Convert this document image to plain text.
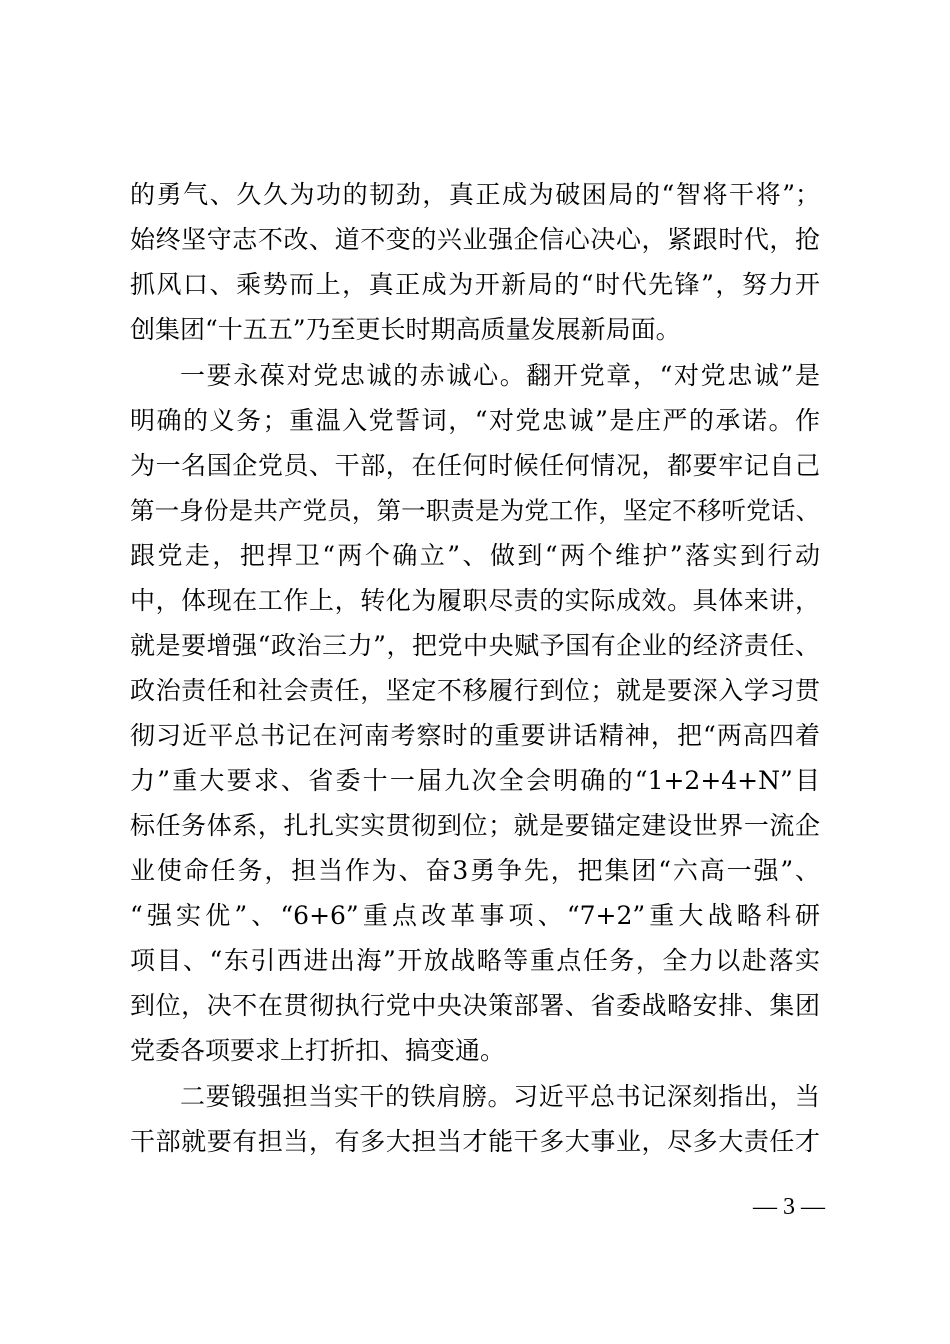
的勇气、久久为功的韧劲，真正成为破困局的“智将干将”；
始终坚守志不改、道不变的兴业强企信心决心，紧跟时代，抢
抓风口、乘势而上，真正成为开新局的“时代先锋”，努力开
创集团“十五五”乃至更长时期高质量发展新局面。
一要永葆对党忠诚的赤诚心。翻开党章，“对党忠诚”是
明确的义务；重温入党誓词，“对党忠诚”是庄严的承诺。作
为一名国企党员、干部，在任何时候任何情况，都要牢记自己
第一身份是共产党员，第一职责是为党工作，坚定不移听党话、
跟党走，把捍卫“两个确立”、做到“两个维护”落实到行动
中，体现在工作上，转化为履职尽责的实际成效。具体来讲，
就是要增强“政治三力”，把党中央赋予国有企业的经济责任、
政治责任和社会责任，坚定不移履行到位；就是要深入学习贯
彻习近平总书记在河南考察时的重要讲话精神，把“两高四着
力”重大要求、省委十一届九次全会明确的“1+2+4+N”目
标任务体系，扎扎实实贯彻到位；就是要锚定建设世界一流企
业使命任务，担当作为、奋3勇争先，把集团“六高一强”、
“强实优”、“6+6”重点改革事项、“7+2”重大战略科研
项目、“东引西进出海”开放战略等重点任务，全力以赴落实
到位，决不在贯彻执行党中央决策部署、省委战略安排、集团
党委各项要求上打折扣、搞变通。
二要锻强担当实干的铁肩膀。习近平总书记深刻指出，当
干部就要有担当，有多大担当才能干多大事业，尽多大责任才
— 3 —
